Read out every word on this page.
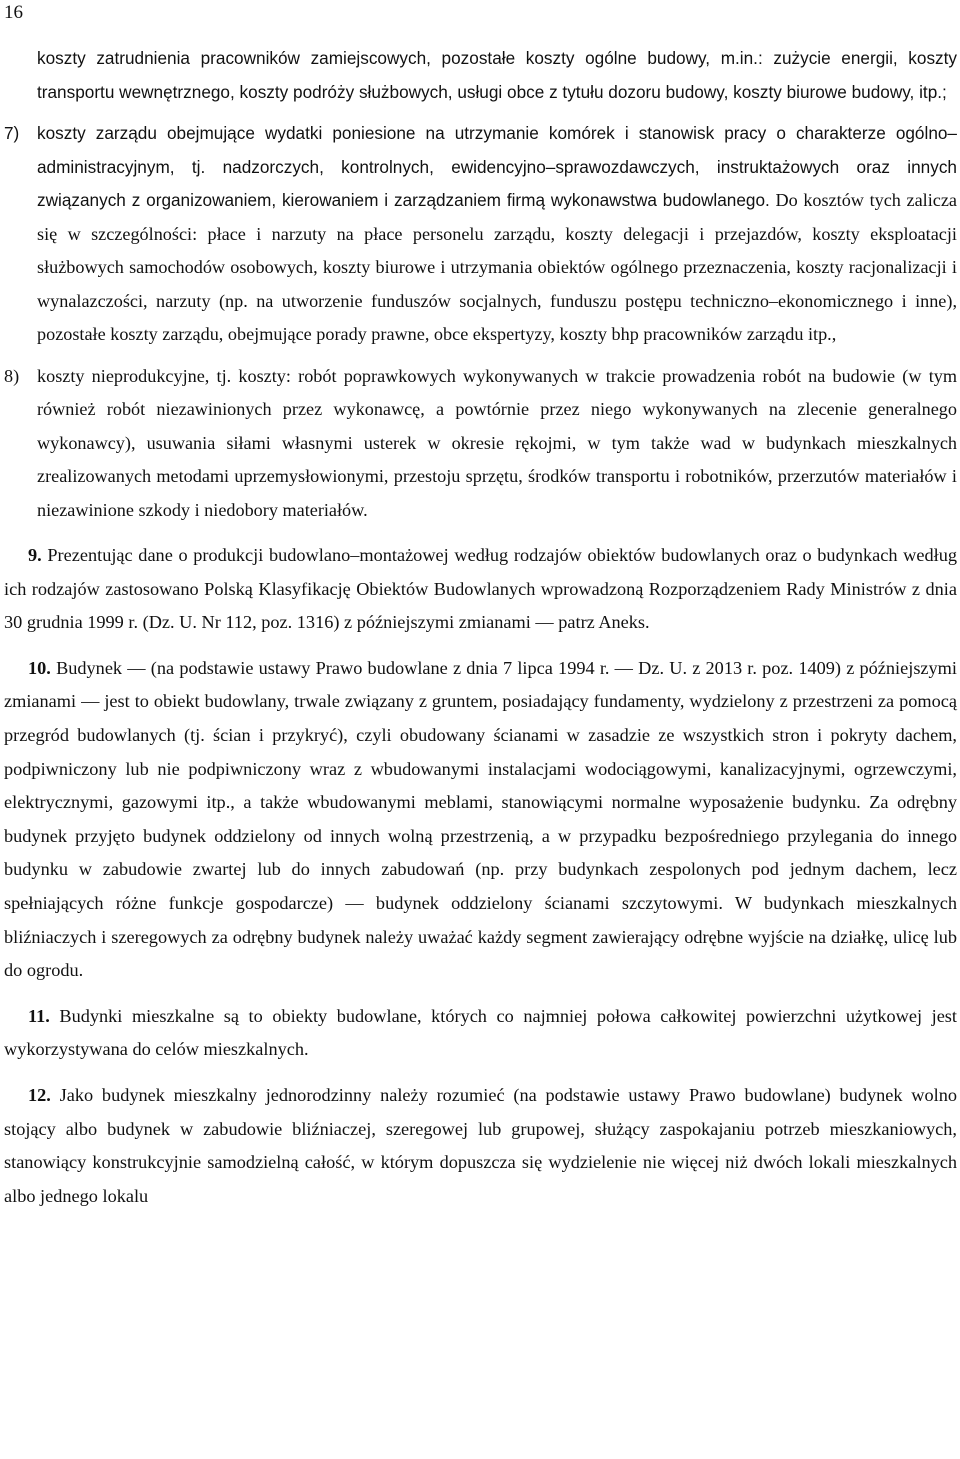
16

koszty zatrudnienia pracowników zamiejscowych, pozostałe koszty ogólne budowy, m.in.: zużycie energii, koszty transportu wewnętrznego, koszty podróży służbowych, usługi obce z tytułu dozoru budowy, koszty biurowe budowy, itp.;

7) koszty zarządu obejmujące wydatki poniesione na utrzymanie komórek i stanowisk pracy o charakterze ogólno–administracyjnym, tj. nadzorczych, kontrolnych, ewidencyjno–sprawozdawczych, instruktażowych oraz innych związanych z organizowaniem, kierowaniem i zarządzaniem firmą wykonawstwa budowlanego. Do kosztów tych zalicza się w szczególności: płace i narzuty na płace personelu zarządu, koszty delegacji i przejazdów, koszty eksploatacji służbowych samochodów osobowych, koszty biurowe i utrzymania obiektów ogólnego przeznaczenia, koszty racjonalizacji i wynalazczości, narzuty (np. na utworzenie funduszów socjalnych, funduszu postępu techniczno–ekonomicznego i inne), pozostałe koszty zarządu, obejmujące porady prawne, obce ekspertyzy, koszty bhp pracowników zarządu itp.,

8) koszty nieprodukcyjne, tj. koszty: robót poprawkowych wykonywanych w trakcie prowadzenia robót na budowie (w tym również robót niezawinionych przez wykonawcę, a powtórnie przez niego wykonywanych na zlecenie generalnego wykonawcy), usuwania siłami własnymi usterek w okresie rękojmi, w tym także wad w budynkach mieszkalnych zrealizowanych metodami uprzemysłowionymi, przestoju sprzętu, środków transportu i robotników, przerzutów materiałów i niezawinione szkody i niedobory materiałów.

9. Prezentując dane o produkcji budowlano–montażowej według rodzajów obiektów budowlanych oraz o budynkach według ich rodzajów zastosowano Polską Klasyfikację Obiektów Budowlanych wprowadzoną Rozporządzeniem Rady Ministrów z dnia 30 grudnia 1999 r. (Dz. U. Nr 112, poz. 1316) z późniejszymi zmianami — patrz Aneks.

10. Budynek — (na podstawie ustawy Prawo budowlane z dnia 7 lipca 1994 r. — Dz. U. z 2013 r. poz. 1409) z późniejszymi zmianami — jest to obiekt budowlany, trwale związany z gruntem, posiadający fundamenty, wydzielony z przestrzeni za pomocą przegród budowlanych (tj. ścian i przykryć), czyli obudowany ścianami w zasadzie ze wszystkich stron i pokryty dachem, podpiwniczony lub nie podpiwniczony wraz z wbudowanymi instalacjami wodociągowymi, kanalizacyjnymi, ogrzewczymi, elektrycznymi, gazowymi itp., a także wbudowanymi meblami, stanowiącymi normalne wyposażenie budynku. Za odrębny budynek przyjęto budynek oddzielony od innych wolną przestrzenią, a w przypadku bezpośredniego przylegania do innego budynku w zabudowie zwartej lub do innych zabudowań (np. przy budynkach zespolonych pod jednym dachem, lecz spełniających różne funkcje gospodarcze) — budynek oddzielony ścianami szczytowymi. W budynkach mieszkalnych bliźniaczych i szeregowych za odrębny budynek należy uważać każdy segment zawierający odrębne wyjście na działkę, ulicę lub do ogrodu.

11. Budynki mieszkalne są to obiekty budowlane, których co najmniej połowa całkowitej powierzchni użytkowej jest wykorzystywana do celów mieszkalnych.

12. Jako budynek mieszkalny jednorodzinny należy rozumieć (na podstawie ustawy Prawo budowlane) budynek wolno stojący albo budynek w zabudowie bliźniaczej, szeregowej lub grupowej, służący zaspokajaniu potrzeb mieszkaniowych, stanowiący konstrukcyjnie samodzielną całość, w którym dopuszcza się wydzielenie nie więcej niż dwóch lokali mieszkalnych albo jednego lokalu
